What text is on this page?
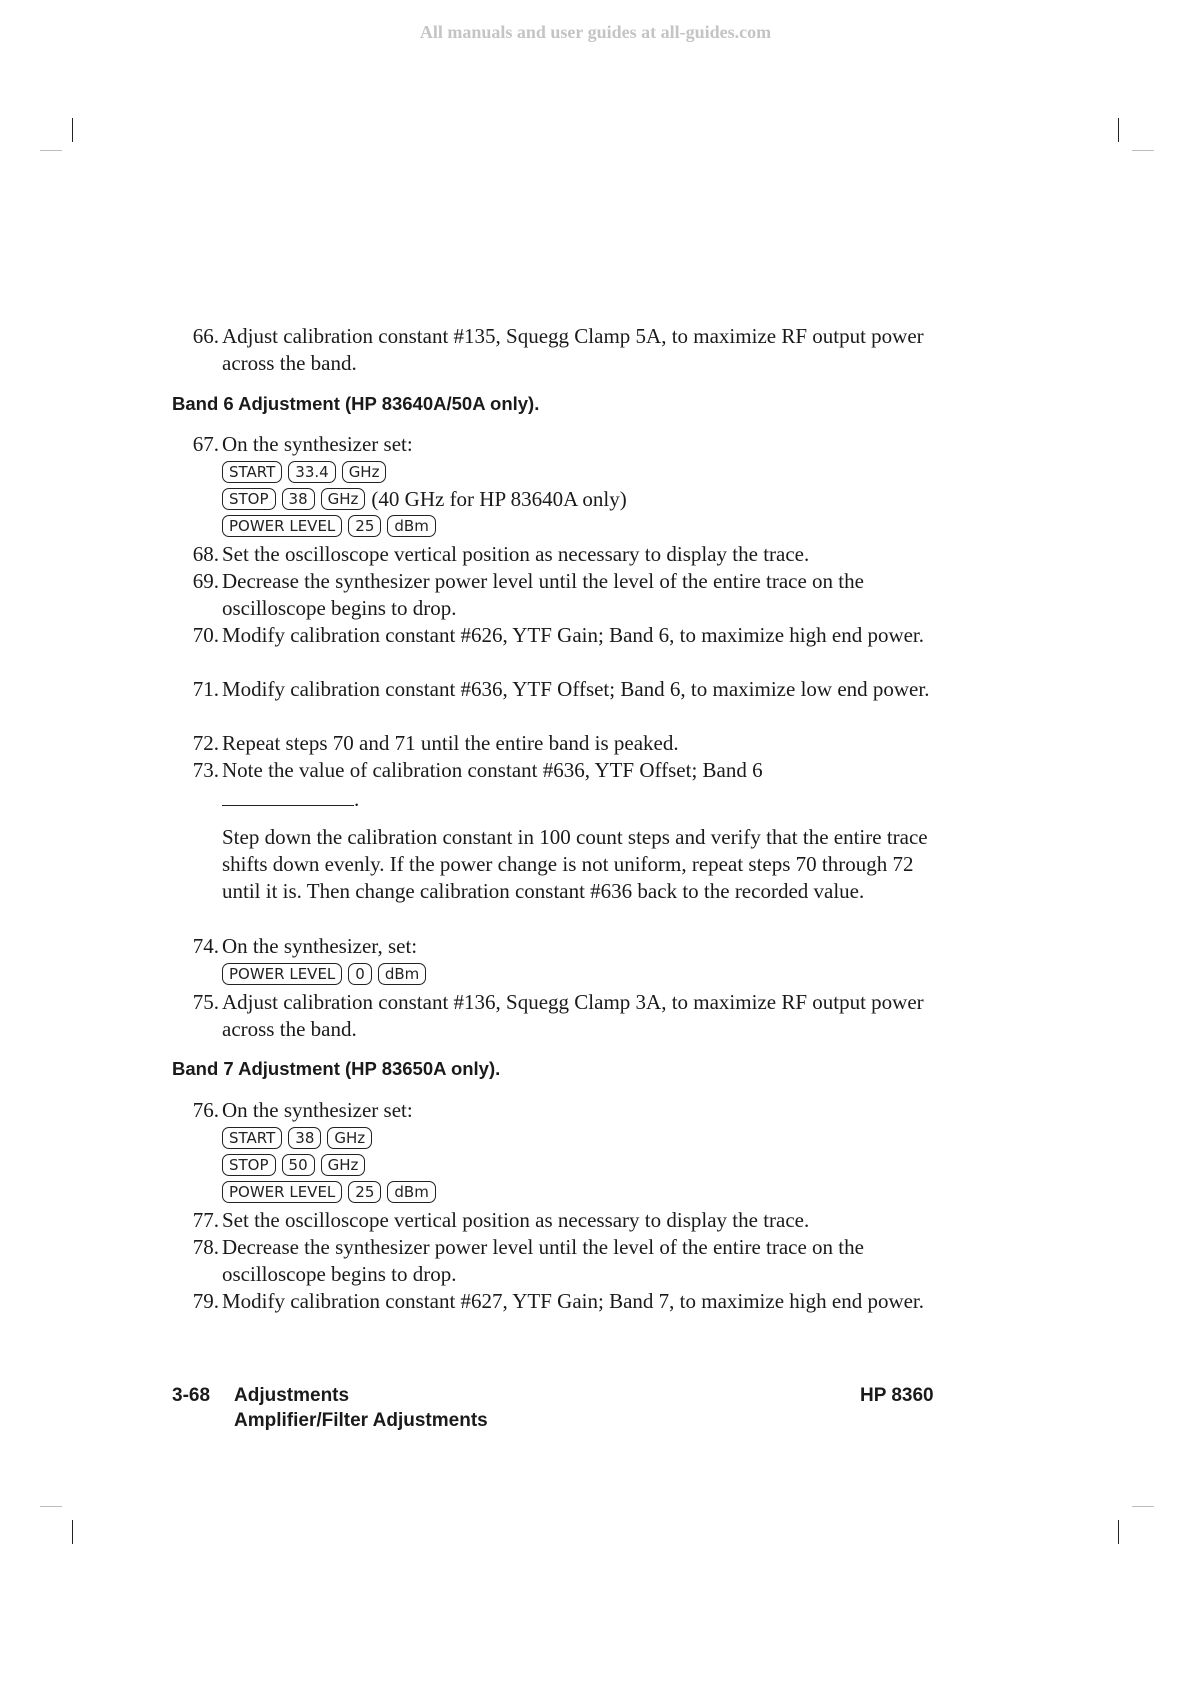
All manuals and user guides at all-guides.com
66. Adjust calibration constant #135, Squegg Clamp 5A, to maximize RF output power across the band.
Band 6 Adjustment (HP 83640A/50A only).
67. On the synthesizer set:
START	33.4	GHz
STOP	38	GHz (40 GHz for HP 83640A only)
POWER LEVEL	25	dBm
68. Set the oscilloscope vertical position as necessary to display the trace.
69. Decrease the synthesizer power level until the level of the entire trace on the oscilloscope begins to drop.
70. Modify calibration constant #626, YTF Gain; Band 6, to maximize high end power.
71. Modify calibration constant #636, YTF Offset; Band 6, to maximize low end power.
72. Repeat steps 70 and 71 until the entire band is peaked.
73. Note the value of calibration constant #636, YTF Offset; Band 6
.
Step down the calibration constant in 100 count steps and verify that the entire trace shifts down evenly. If the power change is not uniform, repeat steps 70 through 72 until it is. Then change calibration constant #636 back to the recorded value.
74. On the synthesizer, set:
POWER LEVEL	0	dBm
75. Adjust calibration constant #136, Squegg Clamp 3A, to maximize RF output power across the band.
Band 7 Adjustment (HP 83650A only).
76. On the synthesizer set:
START	38	GHz
STOP	50	GHz
POWER LEVEL	25	dBm
77. Set the oscilloscope vertical position as necessary to display the trace.
78. Decrease the synthesizer power level until the level of the entire trace on the oscilloscope begins to drop.
79. Modify calibration constant #627, YTF Gain; Band 7, to maximize high end power.
3-68 Adjustments
Amplifier/Filter Adjustments
HP 8360
